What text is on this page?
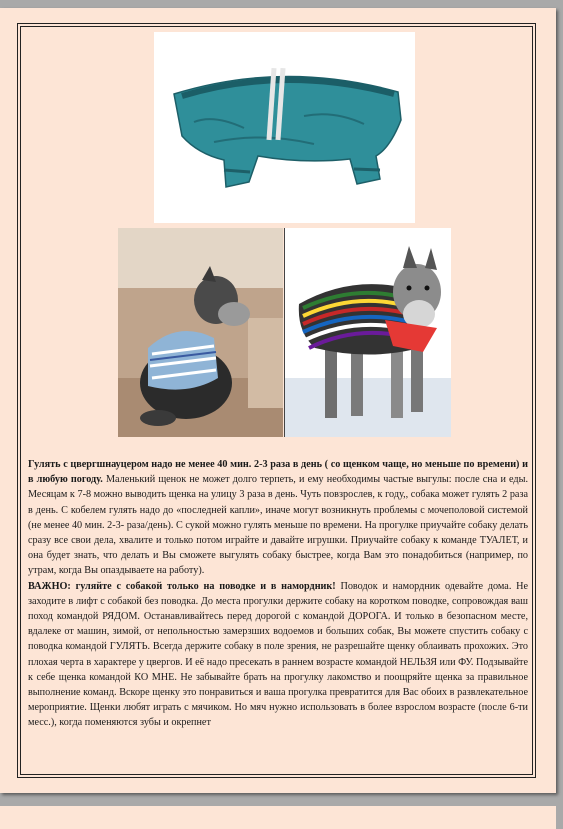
Гулять с цвергшнауцером надо не менее 40 мин. 2-3 раза в день ( со щенком чаще, но меньше по времени) и в любую погоду. Маленький щенок не может долго терпеть, и ему необходимы частые выгулы: после сна и еды. Месяцам к 7-8 можно выводить щенка на улицу 3 раза в день. Чуть повзрослев, к году,, собака может гулять 2 раза в день. С кобелем гулять надо до «последней капли», иначе могут возникнуть проблемы с мочеполовой системой (не менее 40 мин. 2-3- раза/день). С сукой можно гулять меньше по времени. На прогулке приучайте собаку делать сразу все свои дела, хвалите и только потом играйте и давайте игрушки. Приучайте собаку к команде ТУАЛЕТ, и она будет знать, что делать и Вы сможете выгулять собаку быстрее, когда Вам это понадобиться (например, по утрам, когда Вы опаздываете на работу).

ВАЖНО: гуляйте с собакой только на поводке и в намордник! Поводок и намордник одевайте дома. Не заходите в лифт с собакой без поводка. До места прогулки держите собаку на коротком поводке, сопровождая ваш поход командой РЯДОМ. Останавливайтесь перед дорогой с командой ДОРОГА. И только в безопасном месте, вдалеке от машин, зимой, от непольностью замерзших водоемов и больших собак, Вы можете спустить собаку с поводка командой ГУЛЯТЬ. Всегда держите собаку в поле зрения, не разрешайте щенку облаивать прохожих. Это плохая черта в характере у цвергов. И её надо пресекать в раннем возрасте командой НЕЛЬЗЯ или ФУ. Подзывайте к себе щенка командой КО МНЕ. Не забывайте брать на прогулку лакомство и поощряйте щенка за правильное выполнение команд. Вскоре щенку это понравиться и ваша прогулка превратится для Вас обоих в развлекательное мероприятие. Щенки любят играть с мячиком. Но мяч нужно использовать в более взрослом возрасте (после 6-ти месс.), когда поменяются зубы и окрепнет
